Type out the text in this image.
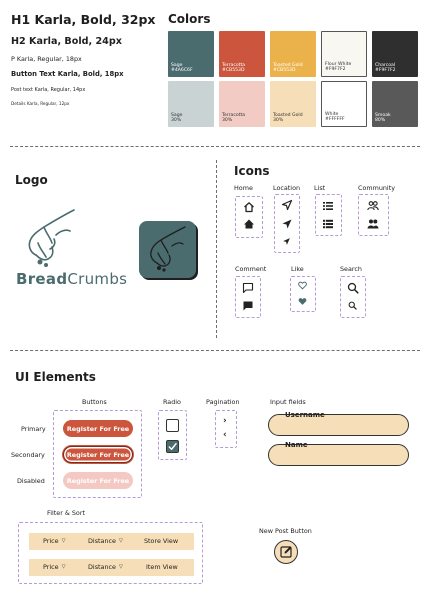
H1 Karla, Bold, 32px
H2 Karla, Bold, 24px
P Karla, Regular, 18px
Button Text Karla, Bold, 18px
Post text Karla, Regular, 14px
Details Karla, Regular, 12px
Colors
Sage
#4A6C6F
Terracotta
#CB553D
Toasted Gold
#CB553D
Flour White
#F9F7F2
Charcoal
#F9F7F2
Sage
30%
Terracotta
30%
Toasted Gold
30%
White
#FFFFFF
Smoak
80%
Logo
BreadCrumbs
Icons
Home	Location List	Community
Comment	Like	Search
UI Elements
Buttons	Radio	Pagination	Input fields
Primary
Secondary
Disabled
Register For Free
Register For Free
Register For Free
›
‹
Username
Name
Filter & Sort
Price ▽	Distance ▽	Store View
Price ▽	Distance ▽	Item View
New Post Button
